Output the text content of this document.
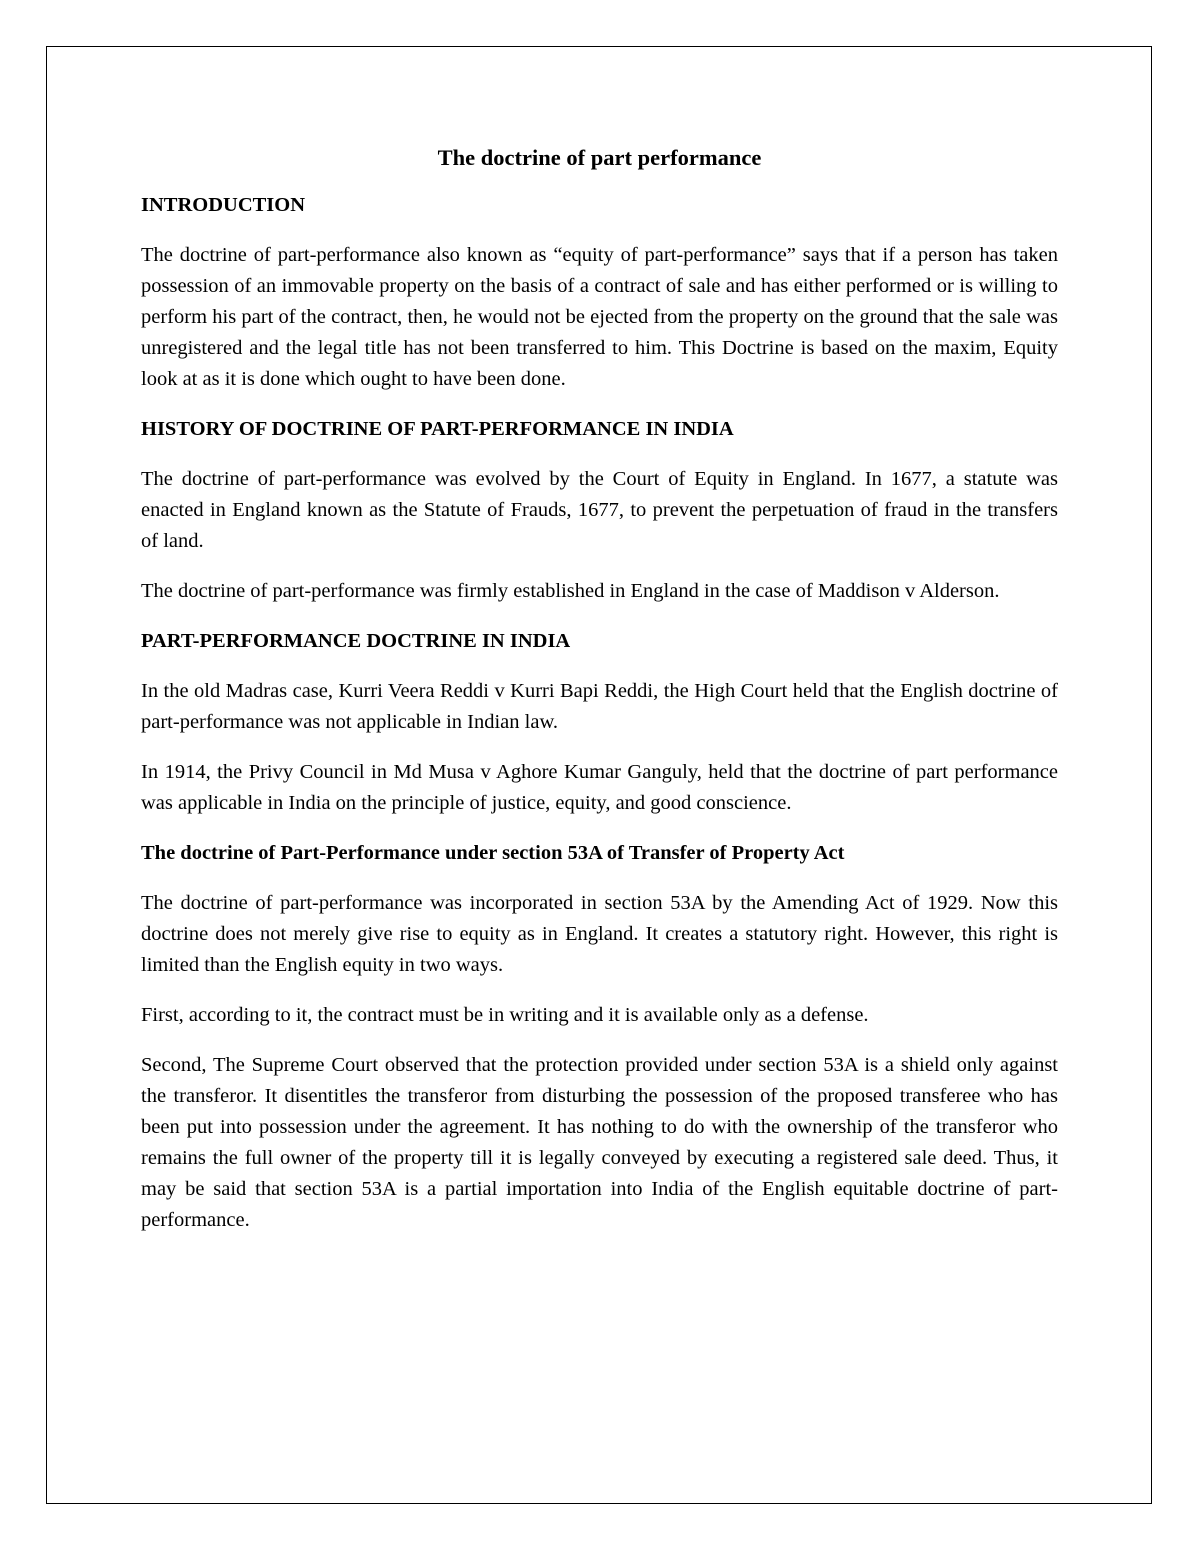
The doctrine of part performance
INTRODUCTION

The doctrine of part-performance also known as “equity of part-performance” says that if a person has taken possession of an immovable property on the basis of a contract of sale and has either performed or is willing to perform his part of the contract, then, he would not be ejected from the property on the ground that the sale was unregistered and the legal title has not been transferred to him. This Doctrine is based on the maxim, Equity look at as it is done which ought to have been done.

HISTORY OF DOCTRINE OF PART-PERFORMANCE IN INDIA

The doctrine of part-performance was evolved by the Court of Equity in England. In 1677, a statute was enacted in England known as the Statute of Frauds, 1677, to prevent the perpetuation of fraud in the transfers of land.

The doctrine of part-performance was firmly established in England in the case of Maddison v Alderson.

PART-PERFORMANCE DOCTRINE IN INDIA

In the old Madras case, Kurri Veera Reddi v Kurri Bapi Reddi, the High Court held that the English doctrine of part-performance was not applicable in Indian law.

In 1914, the Privy Council in Md Musa v Aghore Kumar Ganguly, held that the doctrine of part performance was applicable in India on the principle of justice, equity, and good conscience.

The doctrine of Part-Performance under section 53A of Transfer of Property Act

The doctrine of part-performance was incorporated in section 53A by the Amending Act of 1929. Now this doctrine does not merely give rise to equity as in England. It creates a statutory right. However, this right is limited than the English equity in two ways.

First, according to it, the contract must be in writing and it is available only as a defense.

Second, The Supreme Court observed that the protection provided under section 53A is a shield only against the transferor. It disentitles the transferor from disturbing the possession of the proposed transferee who has been put into possession under the agreement. It has nothing to do with the ownership of the transferor who remains the full owner of the property till it is legally conveyed by executing a registered sale deed. Thus, it may be said that section 53A is a partial importation into India of the English equitable doctrine of part-performance.
